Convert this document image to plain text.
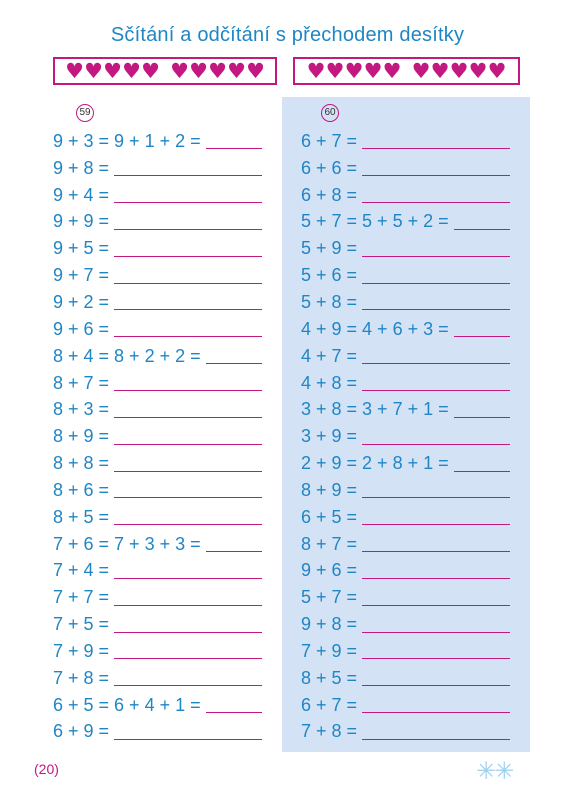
Sčítání a odčítání s přechodem desítky
♥ ♥ ♥ ♥ ♥ ♥ ♥ ♥ ♥ ♥ ♥ ♥ ♥ ♥ ♥ ♥ ♥ ♥ ♥ ♥
59	60
9 + 3 = 9 + 1 + 2 =
9 + 8 =
9 + 4 =
9 + 9 =
9 + 5 =
9 + 7 =
9 + 2 =
9 + 6 =
8 + 4 = 8 + 2 + 2 =
8 + 7 =
8 + 3 =
8 + 9 =
8 + 8 =
8 + 6 =
8 + 5 =
7 + 6 = 7 + 3 + 3 =
7 + 4 =
7 + 7 =
7 + 5 =
7 + 9 =
7 + 8 =
6 + 5 = 6 + 4 + 1 =
6 + 9 =
6 + 7 =
6 + 6 =
6 + 8 =
5 + 7 = 5 + 5 + 2 =
5 + 9 =
5 + 6 =
5 + 8 =
4 + 9 = 4 + 6 + 3 =
4 + 7 =
4 + 8 =
3 + 8 = 3 + 7 + 1 =
3 + 9 =
2 + 9 = 2 + 8 + 1 =
8 + 9 =
6 + 5 =
8 + 7 =
9 + 6 =
5 + 7 =
9 + 8 =
7 + 9 =
8 + 5 =
6 + 7 =
7 + 8 =
(20)	✳✳
